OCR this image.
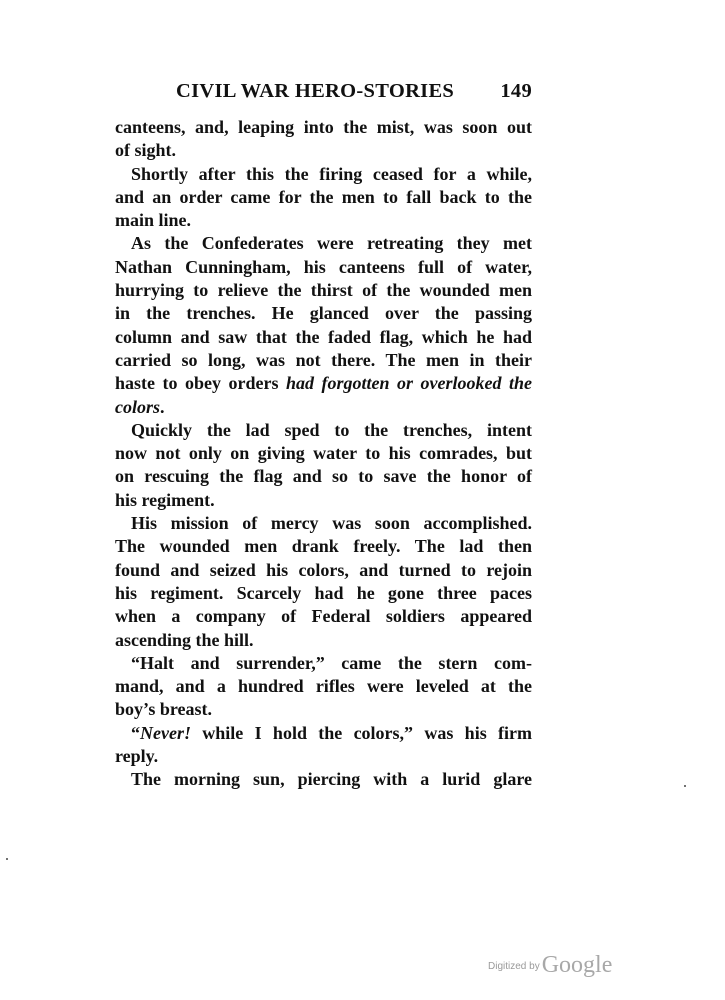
CIVIL WAR HERO-STORIES 149
canteens, and, leaping into the mist, was soon out
of sight.
Shortly after this the firing ceased for a while,
and an order came for the men to fall back to the
main line.
As the Confederates were retreating they met
Nathan Cunningham, his canteens full of water,
hurrying to relieve the thirst of the wounded men
in the trenches. He glanced over the passing
column and saw that the faded flag, which he had
carried so long, was not there. The men in their
haste to obey orders had forgotten or overlooked the
colors.
Quickly the lad sped to the trenches, intent
now not only on giving water to his comrades, but
on rescuing the flag and so to save the honor of
his regiment.
His mission of mercy was soon accomplished.
The wounded men drank freely. The lad then
found and seized his colors, and turned to rejoin
his regiment. Scarcely had he gone three paces
when a company of Federal soldiers appeared
ascending the hill.
“Halt and surrender,” came the stern com-
mand, and a hundred rifles were leveled at the
boy’s breast.
“Never! while I hold the colors,” was his firm
reply.
The morning sun, piercing with a lurid glare
Digitized byGoogle
